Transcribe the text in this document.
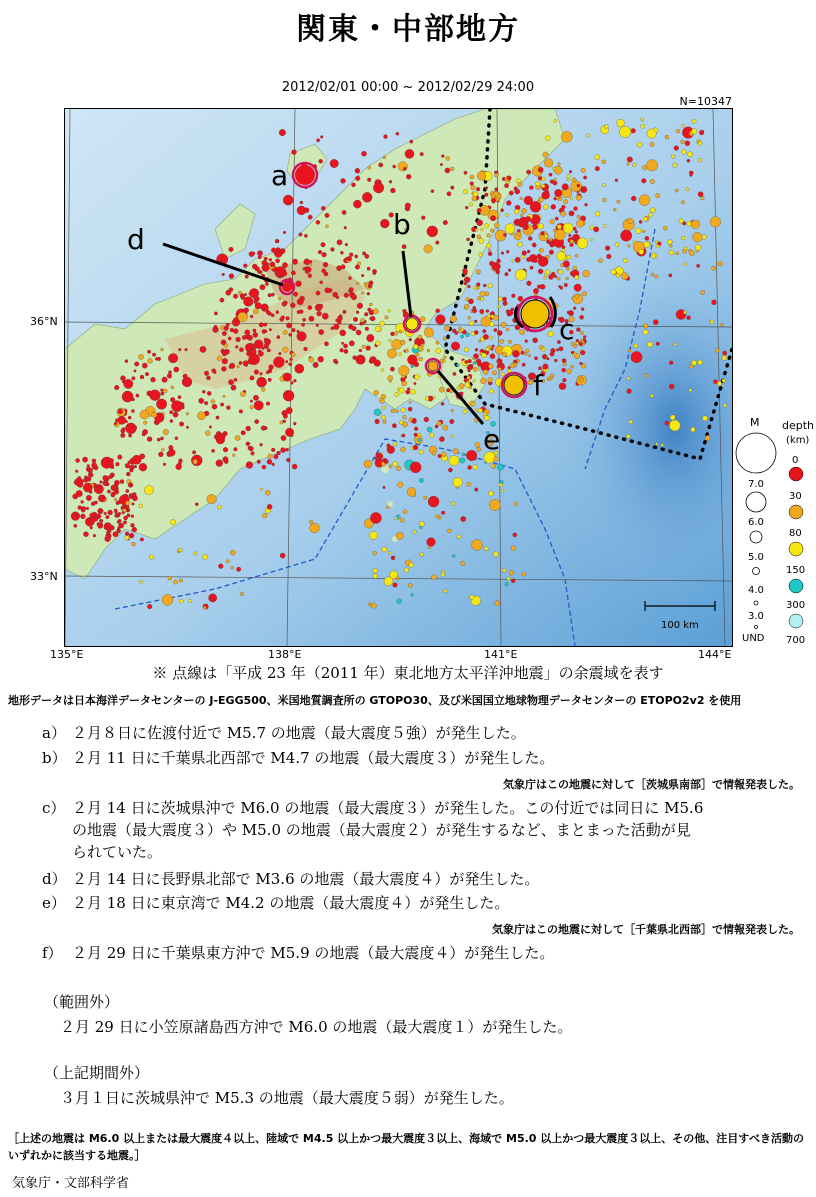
関東・中部地方
2012/02/01 00:00 ~ 2012/02/29 24:00
N=10347
36°N
33°N
135°E	138°E	141°E	144°E
a
b
c
d
e
f
100 km
M depth
(km)
7.0
6.0
5.0
4.0
3.0
UND
0
30
80
150
300
700
※ 点線は「平成 23 年（2011 年）東北地方太平洋沖地震」の余震域を表す
地形データは日本海洋データセンターの J-EGG500、米国地質調査所の GTOPO30、及び米国国立地球物理データセンターの ETOPO2v2 を使用
a） ２月８日に佐渡付近で M5.7 の地震（最大震度５強）が発生した。
b） ２月 11 日に千葉県北西部で M4.7 の地震（最大震度３）が発生した。
気象庁はこの地震に対して［茨城県南部］で情報発表した。
c） ２月 14 日に茨城県沖で M6.0 の地震（最大震度３）が発生した。この付近では同日に M5.6
の地震（最大震度３）や M5.0 の地震（最大震度２）が発生するなど、まとまった活動が見
られていた。
d） ２月 14 日に長野県北部で M3.6 の地震（最大震度４）が発生した。
e） ２月 18 日に東京湾で M4.2 の地震（最大震度４）が発生した。
気象庁はこの地震に対して［千葉県北西部］で情報発表した。
f） ２月 29 日に千葉県東方沖で M5.9 の地震（最大震度４）が発生した。
（範囲外）
２月 29 日に小笠原諸島西方沖で M6.0 の地震（最大震度１）が発生した。
（上記期間外）
３月１日に茨城県沖で M5.3 の地震（最大震度５弱）が発生した。
［上述の地震は M6.0 以上または最大震度４以上、陸域で M4.5 以上かつ最大震度３以上、海域で M5.0 以上かつ最大震度３以上、その他、注目すべき活動のいずれかに該当する地震。］
気象庁・文部科学省
